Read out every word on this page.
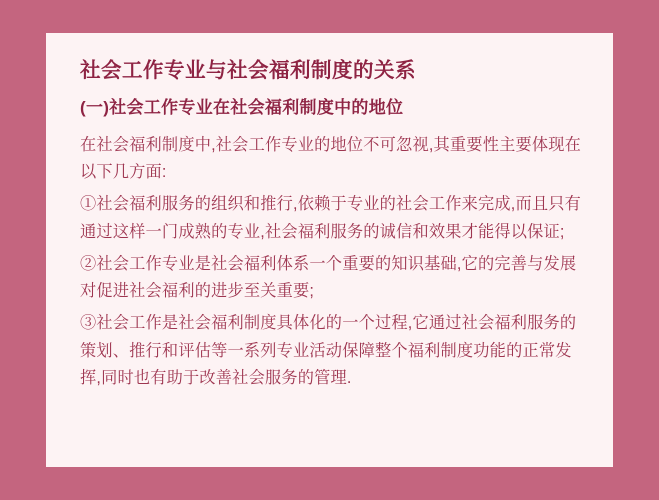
社会工作专业与社会福利制度的关系
(一)社会工作专业在社会福利制度中的地位

在社会福利制度中,社会工作专业的地位不可忽视,其重要性主要体现在以下几方面:

①社会福利服务的组织和推行,依赖于专业的社会工作来完成,而且只有通过这样一门成熟的专业,社会福利服务的诚信和效果才能得以保证;

②社会工作专业是社会福利体系一个重要的知识基础,它的完善与发展对促进社会福利的进步至关重要;

③社会工作是社会福利制度具体化的一个过程,它通过社会福利服务的策划、推行和评估等一系列专业活动保障整个福利制度功能的正常发挥,同时也有助于改善社会服务的管理.
